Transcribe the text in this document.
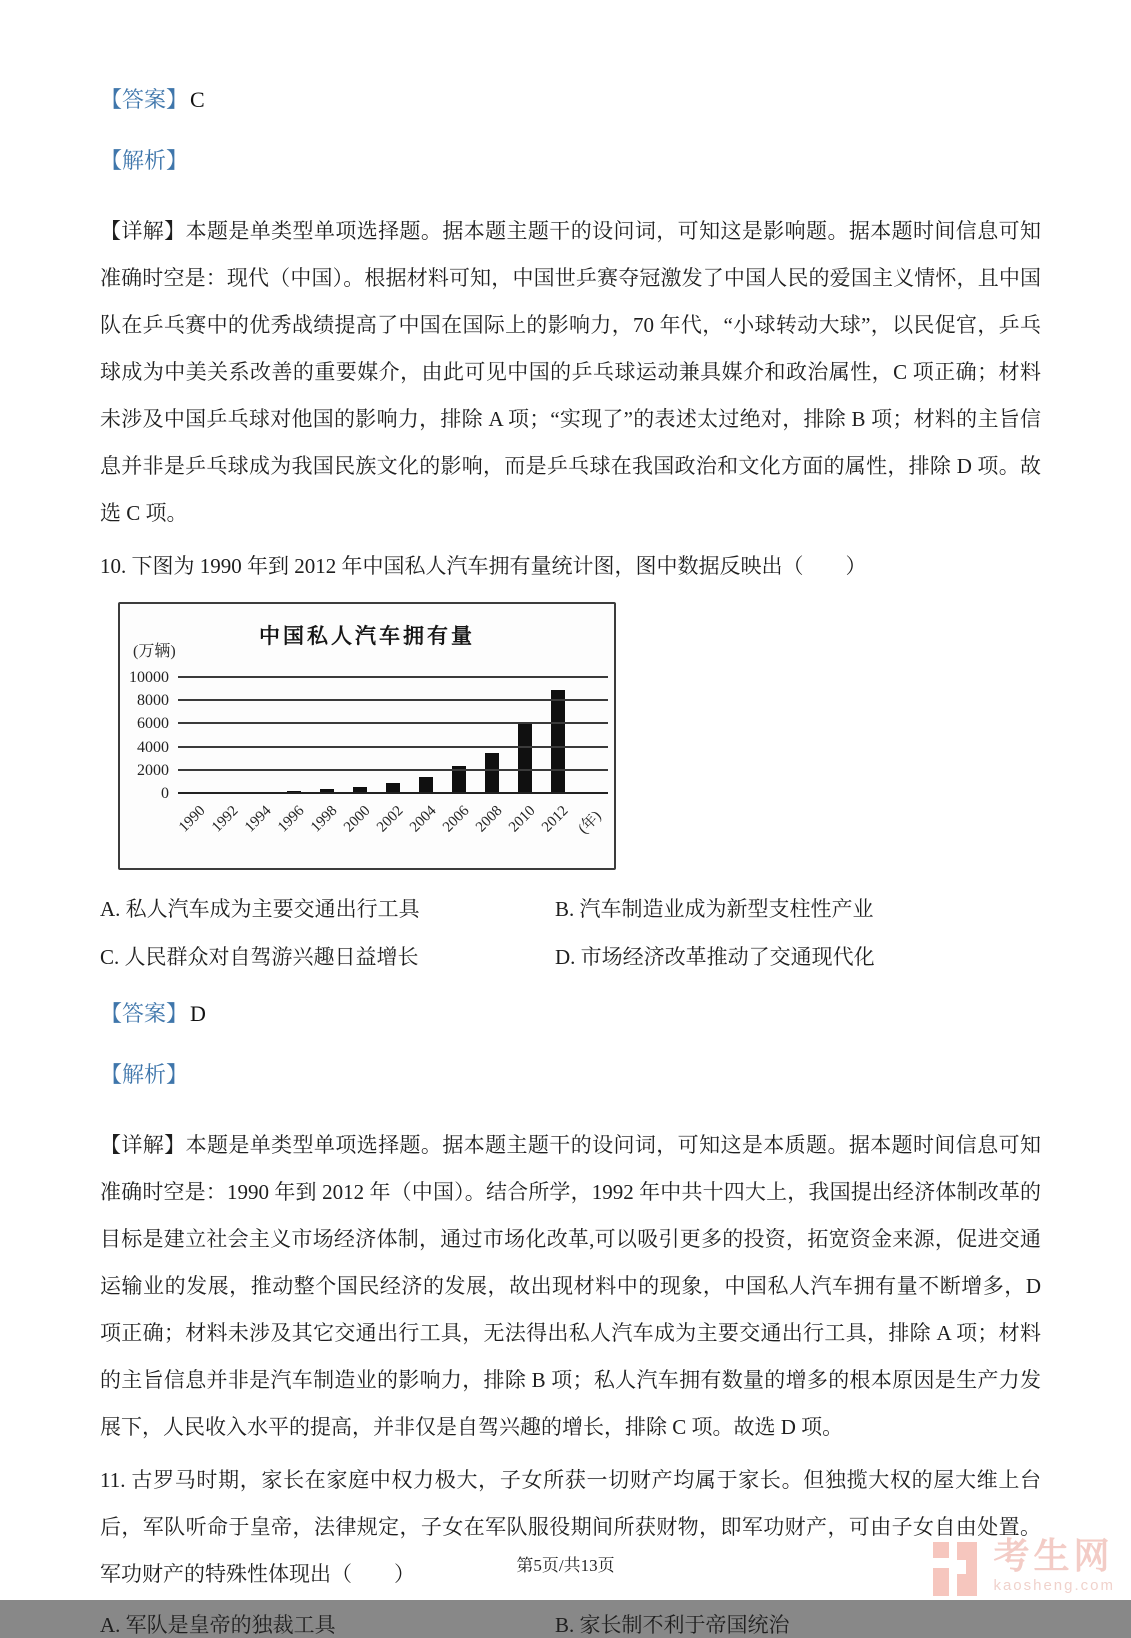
【答案】C
【解析】

【详解】本题是单类型单项选择题。据本题主题干的设问词，可知这是影响题。据本题时间信息可知准确时空是：现代（中国）。根据材料可知，中国世乒赛夺冠激发了中国人民的爱国主义情怀，且中国队在乒乓赛中的优秀战绩提高了中国在国际上的影响力，70 年代，“小球转动大球”，以民促官，乒乓球成为中美关系改善的重要媒介，由此可见中国的乒乓球运动兼具媒介和政治属性，C 项正确；材料未涉及中国乒乓球对他国的影响力，排除 A 项；“实现了”的表述太过绝对，排除 B 项；材料的主旨信息并非是乒乓球成为我国民族文化的影响，而是乒乓球在我国政治和文化方面的属性，排除 D 项。故选 C 项。

10. 下图为 1990 年到 2012 年中国私人汽车拥有量统计图，图中数据反映出（　　）

中国私人汽车拥有量
(万辆)
1990 1992 1994 1996 1998 2000 2002 2004 2006 2008 2010 2012 (年)
0
2000
4000
6000
8000
10000
A. 私人汽车成为主要交通出行工具	B. 汽车制造业成为新型支柱性产业
C. 人民群众对自驾游兴趣日益增长	D. 市场经济改革推动了交通现代化
【答案】D
【解析】

【详解】本题是单类型单项选择题。据本题主题干的设问词，可知这是本质题。据本题时间信息可知准确时空是：1990 年到 2012 年（中国）。结合所学，1992 年中共十四大上，我国提出经济体制改革的目标是建立社会主义市场经济体制，通过市场化改革,可以吸引更多的投资，拓宽资金来源，促进交通运输业的发展，推动整个国民经济的发展，故出现材料中的现象，中国私人汽车拥有量不断增多，D 项正确；材料未涉及其它交通出行工具，无法得出私人汽车成为主要交通出行工具，排除 A 项；材料的主旨信息并非是汽车制造业的影响力，排除 B 项；私人汽车拥有数量的增多的根本原因是生产力发展下，人民收入水平的提高，并非仅是自驾兴趣的增长，排除 C 项。故选 D 项。

11. 古罗马时期，家长在家庭中权力极大，子女所获一切财产均属于家长。但独揽大权的屋大维上台后，军队听命于皇帝，法律规定，子女在军队服役期间所获财物，即军功财产，可由子女自由处置。军功财产的特殊性体现出（　　）

A. 军队是皇帝的独裁工具	B. 家长制不利于帝国统治
第5页/共13页	考生网
kaosheng.com
